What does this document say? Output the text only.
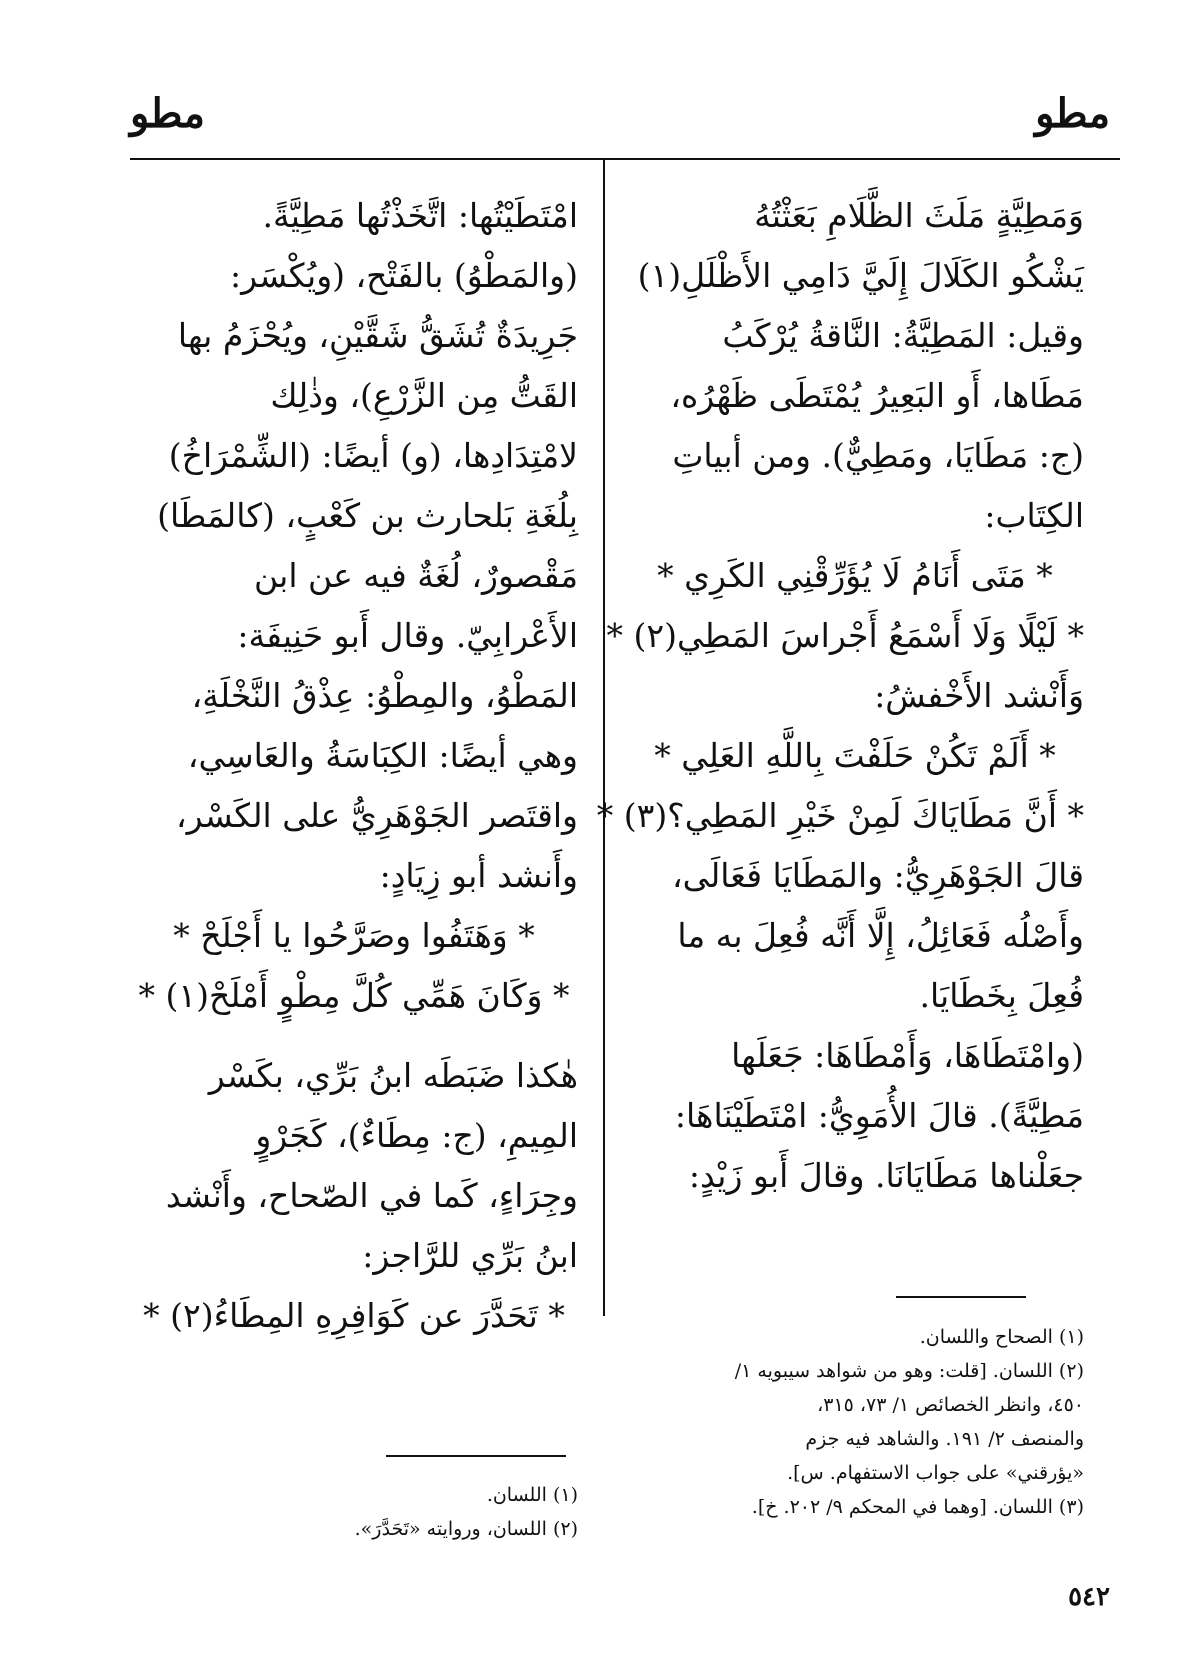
مطو
مطو
وَمَطِيَّةٍ مَلَثَ الظَّلَامِ بَعَثْتُهُ
يَشْكُو الكَلَالَ إِلَيَّ دَامِي الأَظْلَلِ(١)
وقيل: المَطِيَّةُ: النَّاقةُ يُرْكَبُ
مَطَاها، أَو البَعِيرُ يُمْتَطَى ظَهْرُه،
(ج: مَطَايَا، ومَطِيٌّ). ومن أبياتِ
الكِتَاب:
* مَتَى أَنَامُ لَا يُؤَرِّقْنِي الكَرِي *
* لَيْلًا وَلَا أَسْمَعُ أَجْراسَ المَطِي(٢) *
وَأَنْشد الأَخْفشُ:
* أَلَمْ تَكُنْ حَلَفْتَ بِاللَّهِ العَلِي *
* أَنَّ مَطَايَاكَ لَمِنْ خَيْرِ المَطِي؟(٣) *
قالَ الجَوْهَرِيُّ: والمَطَايَا فَعَالَى،
وأَصْلُه فَعَائِلُ، إِلَّا أَنَّه فُعِلَ به ما
فُعِلَ بِخَطَايَا.
(وامْتَطَاهَا، وَأَمْطَاهَا: جَعَلَها
مَطِيَّةً). قالَ الأُمَوِيُّ: امْتَطَيْنَاهَا:
جعَلْناها مَطَايَانَا. وقالَ أَبو زَيْدٍ:
امْتَطَيْتُها: اتَّخَذْتُها مَطِيَّةً.
(والمَطْوُ) بالفَتْح، (ويُكْسَر:
جَرِيدَةٌ تُشَقُّ شَقَّيْنِ، ويُحْزَمُ بها
القَتُّ مِن الزَّرْعِ)، وذٰلِك
لامْتِدَادِها، (و) أيضًا: (الشِّمْرَاخُ)
بِلُغَةِ بَلحارث بن كَعْبٍ، (كالمَطَا)
مَقْصورٌ، لُغَةٌ فيه عن ابن
الأَعْرابِيّ. وقال أَبو حَنِيفَة:
المَطْوُ، والمِطْوُ: عِذْقُ النَّخْلَةِ،
وهي أيضًا: الكِبَاسَةُ والعَاسِي،
واقتَصر الجَوْهَرِيُّ على الكَسْر،
وأَنشد أبو زِيَادٍ:
* وَهَتَفُوا وصَرَّحُوا يا أَجْلَحْ *
* وَكَانَ هَمِّي كُلَّ مِطْوٍ أَمْلَحْ(١) *
هٰكذا ضَبَطَه ابنُ بَرِّي، بكَسْر
المِيمِ، (ج: مِطَاءٌ)، كَجَرْوٍ
وجِرَاءٍ، كَما في الصّحاح، وأَنْشد
ابنُ بَرِّي للرَّاجز:
* تَحَدَّرَ عن كَوَافِرِهِ المِطَاءُ(٢) *
(١) الصحاح واللسان.
(٢) اللسان. [قلت: وهو من شواهد سيبويه ١/
٤٥٠، وانظر الخصائص ١/ ٧٣، ٣١٥،
والمنصف ٢/ ١٩١. والشاهد فيه جزم
«يؤرقني» على جواب الاستفهام. س].
(٣) اللسان. [وهما في المحكم ٩/ ٢٠٢. خ].
(١) اللسان.
(٢) اللسان، وروايته «تَحَدَّرَ».
٥٤٢
